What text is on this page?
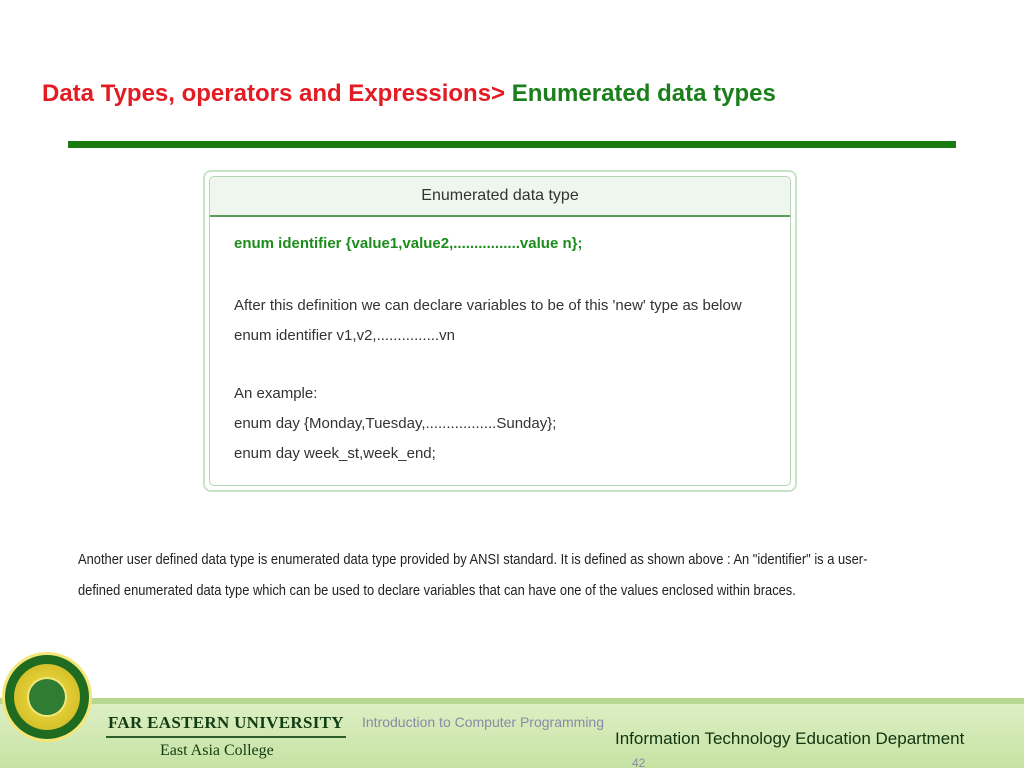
Data Types, operators and Expressions> Enumerated data types
Enumerated data type
enum identifier {value1,value2,................value n};
After this definition we can declare variables to be of this 'new' type as below
enum identifier v1,v2,...............vn
An example:
enum day {Monday,Tuesday,.................Sunday};
enum day week_st,week_end;
Another user defined data type is enumerated data type provided by ANSI standard. It is defined as shown above : An "identifier" is a user-
defined enumerated data type which can be used to declare variables that can have one of the values enclosed within braces.
FAR EASTERN UNIVERSITY
East Asia College
Introduction to Computer Programming
Information Technology Education Department
42
